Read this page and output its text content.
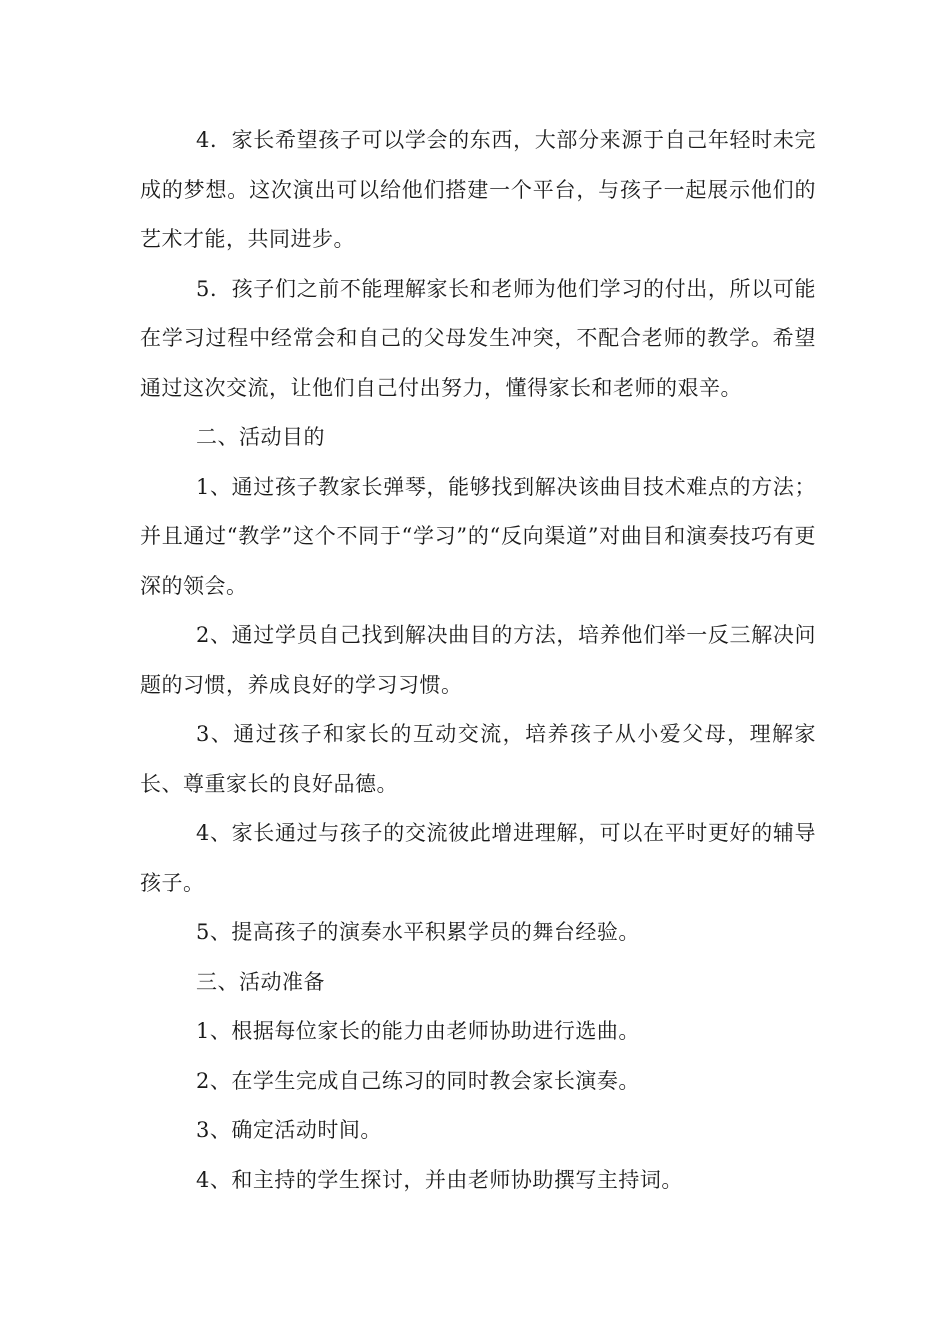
4．家长希望孩子可以学会的东西，大部分来源于自己年轻时未完成的梦想。这次演出可以给他们搭建一个平台，与孩子一起展示他们的艺术才能，共同进步。

5．孩子们之前不能理解家长和老师为他们学习的付出，所以可能在学习过程中经常会和自己的父母发生冲突，不配合老师的教学。希望通过这次交流，让他们自己付出努力，懂得家长和老师的艰辛。

二、活动目的

1、通过孩子教家长弹琴，能够找到解决该曲目技术难点的方法；并且通过“教学”这个不同于“学习”的“反向渠道”对曲目和演奏技巧有更深的领会。

2、通过学员自己找到解决曲目的方法，培养他们举一反三解决问题的习惯，养成良好的学习习惯。

3、通过孩子和家长的互动交流，培养孩子从小爱父母，理解家长、尊重家长的良好品德。

4、家长通过与孩子的交流彼此增进理解，可以在平时更好的辅导孩子。

5、提高孩子的演奏水平积累学员的舞台经验。

三、活动准备

1、根据每位家长的能力由老师协助进行选曲。

2、在学生完成自己练习的同时教会家长演奏。

3、确定活动时间。

4、和主持的学生探讨，并由老师协助撰写主持词。
